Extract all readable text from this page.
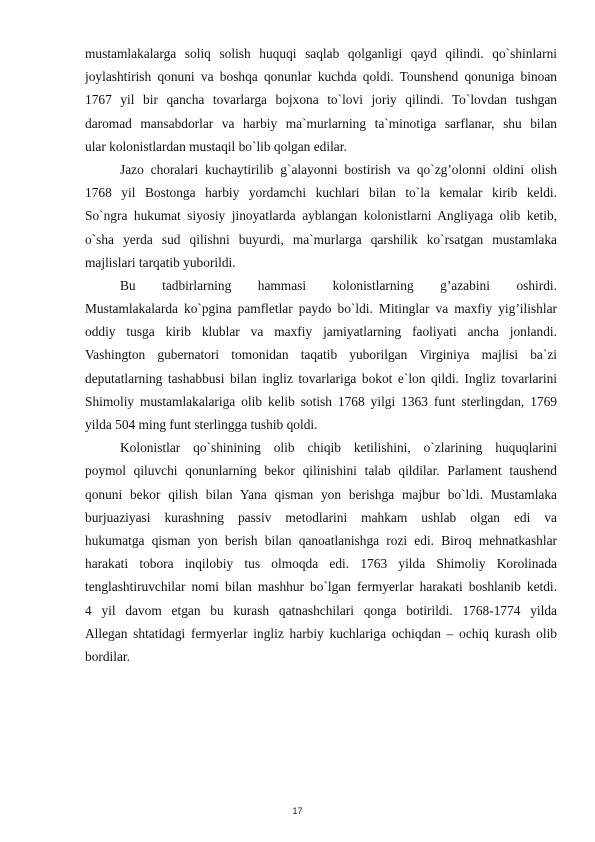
mustamlakalarga soliq solish huquqi saqlab qolganligi qayd qilindi. qo`shinlarni
joylashtirish qonuni va boshqa qonunlar kuchda qoldi. Tounshend qonuniga binoan
1767 yil bir qancha tovarlarga bojxona to`lovi joriy qilindi. To`lovdan tushgan
daromad mansabdorlar va harbiy ma`murlarning ta`minotiga sarflanar, shu bilan
ular kolonistlardan mustaqil bo`lib qolgan edilar.
Jazo choralari kuchaytirilib g`alayonni bostirish va qo`zg’olonni oldini olish
1768 yil Bostonga harbiy yordamchi kuchlari bilan to`la kemalar kirib keldi.
So`ngra hukumat siyosiy jinoyatlarda ayblangan kolonistlarni Angliyaga olib ketib,
o`sha yerda sud qilishni buyurdi, ma`murlarga qarshilik ko`rsatgan mustamlaka
majlislari tarqatib yuborildi.
Bu tadbirlarning hammasi kolonistlarning g’azabini oshirdi.
Mustamlakalarda ko`pgina pamfletlar paydo bo`ldi. Mitinglar va maxfiy yig’ilishlar
oddiy tusga kirib klublar va maxfiy jamiyatlarning faoliyati ancha jonlandi.
Vashington gubernatori tomonidan taqatib yuborilgan Virginiya majlisi ba`zi
deputatlarning tashabbusi bilan ingliz tovarlariga bokot e`lon qildi. Ingliz tovarlarini
Shimoliy mustamlakalariga olib kelib sotish 1768 yilgi 1363 funt sterlingdan, 1769
yilda 504 ming funt sterlingga tushib qoldi.
Kolonistlar qo`shinining olib chiqib ketilishini, o`zlarining huquqlarini
poymol qiluvchi qonunlarning bekor qilinishini talab qildilar. Parlament taushend
qonuni bekor qilish bilan Yana qisman yon berishga majbur bo`ldi. Mustamlaka
burjuaziyasi kurashning passiv metodlarini mahkam ushlab olgan edi va
hukumatga qisman yon berish bilan qanoatlanishga rozi edi. Biroq mehnatkashlar
harakati tobora inqilobiy tus olmoqda edi. 1763 yilda Shimoliy Korolinada
tenglashtiruvchilar nomi bilan mashhur bo`lgan fermyerlar harakati boshlanib ketdi.
4 yil davom etgan bu kurash qatnashchilari qonga botirildi. 1768-1774 yilda
Allegan shtatidagi fermyerlar ingliz harbiy kuchlariga ochiqdan – ochiq kurash olib
bordilar.
17
